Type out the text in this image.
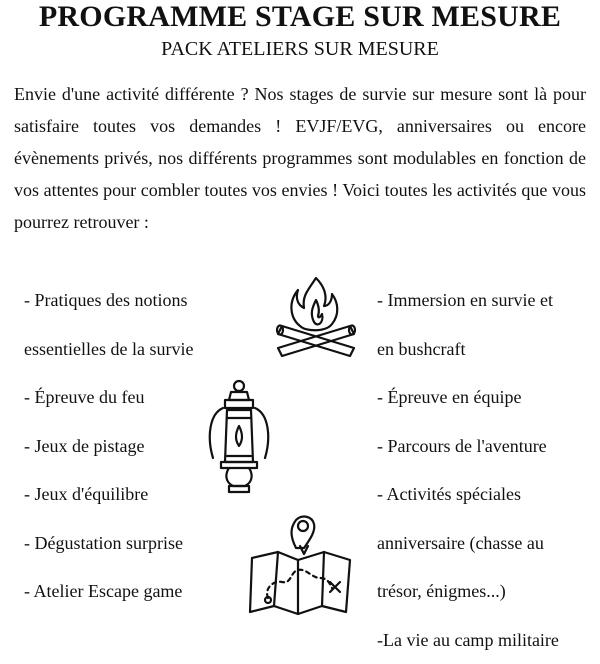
PROGRAMME STAGE SUR MESURE
PACK ATELIERS SUR MESURE

Envie d'une activité différente ? Nos stages de survie sur mesure sont là pour satisfaire toutes vos demandes ! EVJF/EVG, anniversaires ou encore évènements privés, nos différents programmes sont modulables en fonction de vos attentes pour combler toutes vos envies ! Voici toutes les activités que vous pourrez retrouver :

- Pratiques des notions
essentielles de la survie
- Épreuve du feu
- Jeux de pistage
- Jeux d'équilibre
- Dégustation surprise
- Atelier Escape game
- Immersion en survie et
en bushcraft
- Épreuve en équipe
- Parcours de l'aventure
- Activités spéciales
anniversaire (chasse au
trésor, énigmes...)
-La vie au camp militaire
